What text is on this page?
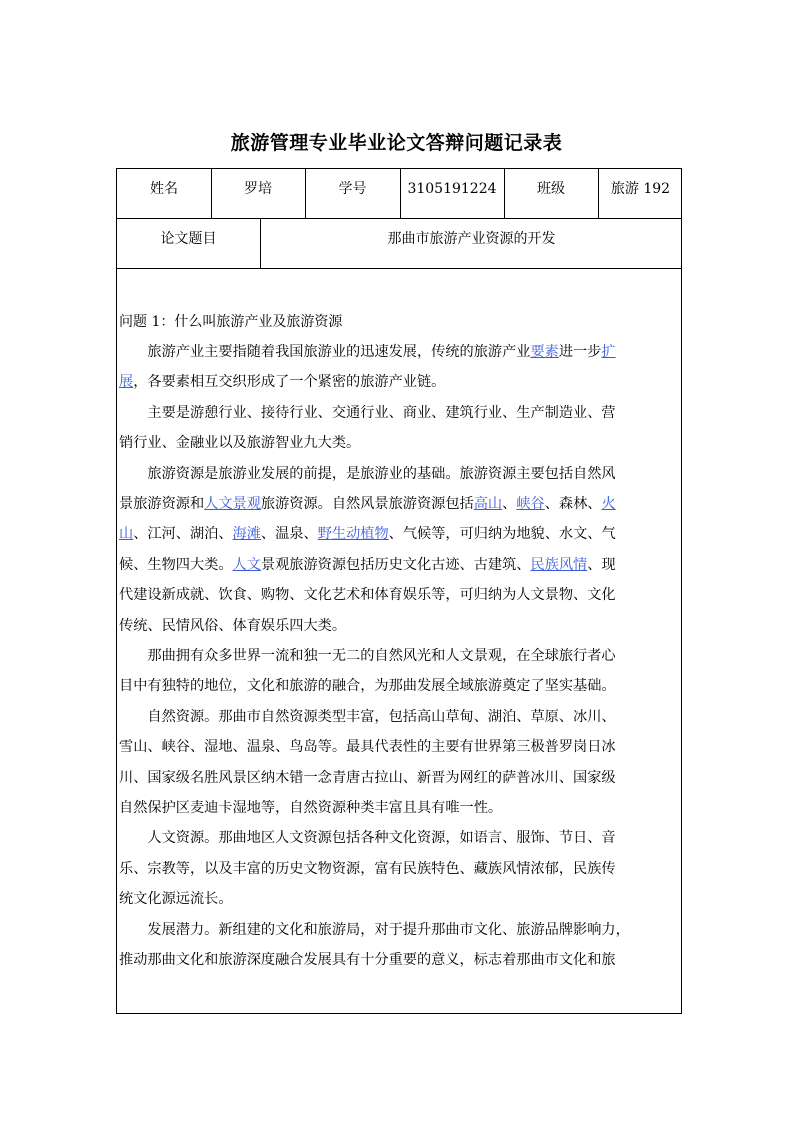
旅游管理专业毕业论文答辩问题记录表
姓名	罗培	学号	3105191224	班级	旅游 192
论文题目	那曲市旅游产业资源的开发
问题 1：什么叫旅游产业及旅游资源
　　旅游产业主要指随着我国旅游业的迅速发展，传统的旅游产业要素进一步扩
展，各要素相互交织形成了一个紧密的旅游产业链。
　　主要是游憩行业、接待行业、交通行业、商业、建筑行业、生产制造业、营
销行业、金融业以及旅游智业九大类。
　　旅游资源是旅游业发展的前提，是旅游业的基础。旅游资源主要包括自然风
景旅游资源和人文景观旅游资源。自然风景旅游资源包括高山、峡谷、森林、火
山、江河、湖泊、海滩、温泉、野生动植物、气候等，可归纳为地貌、水文、气
候、生物四大类。人文景观旅游资源包括历史文化古迹、古建筑、民族风情、现
代建设新成就、饮食、购物、文化艺术和体育娱乐等，可归纳为人文景物、文化
传统、民情风俗、体育娱乐四大类。
　　那曲拥有众多世界一流和独一无二的自然风光和人文景观，在全球旅行者心
目中有独特的地位，文化和旅游的融合，为那曲发展全域旅游奠定了坚实基础。
　　自然资源。那曲市自然资源类型丰富，包括高山草甸、湖泊、草原、冰川、
雪山、峡谷、湿地、温泉、鸟岛等。最具代表性的主要有世界第三极普罗岗日冰
川、国家级名胜风景区纳木错一念青唐古拉山、新晋为网红的萨普冰川、国家级
自然保护区麦迪卡湿地等，自然资源种类丰富且具有唯一性。
　　人文资源。那曲地区人文资源包括各种文化资源，如语言、服饰、节日、音
乐、宗教等，以及丰富的历史文物资源，富有民族特色、藏族风情浓郁，民族传
统文化源远流长。
　　发展潜力。新组建的文化和旅游局，对于提升那曲市文化、旅游品牌影响力，
推动那曲文化和旅游深度融合发展具有十分重要的意义，标志着那曲市文化和旅
